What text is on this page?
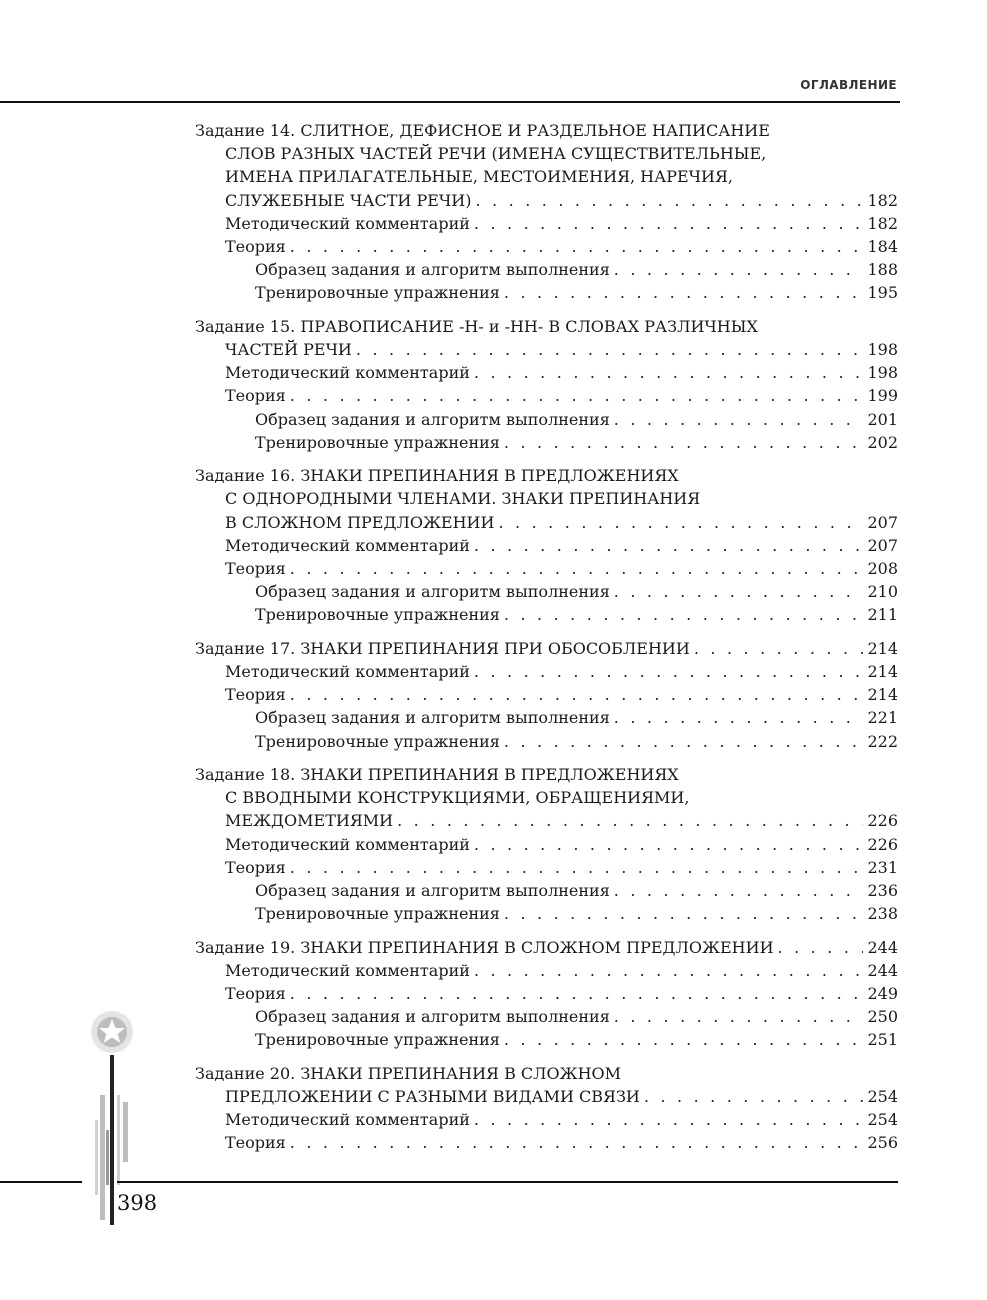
ОГЛАВЛЕНИЕ
Задание 14. СЛИТНОЕ, ДЕФИСНОЕ И РАЗДЕЛЬНОЕ НАПИСАНИЕ
СЛОВ РАЗНЫХ ЧАСТЕЙ РЕЧИ (ИМЕНА СУЩЕСТВИТЕЛЬНЫЕ,
ИМЕНА ПРИЛАГАТЕЛЬНЫЕ, МЕСТОИМЕНИЯ, НАРЕЧИЯ,
СЛУЖЕБНЫЕ ЧАСТИ РЕЧИ) . . .	182
Методический комментарий . . .	182
Теория . . .	184
Образец задания и алгоритм выполнения . . .	188
Тренировочные упражнения . . .	195
Задание 15. ПРАВОПИСАНИЕ -Н- и -НН- В СЛОВАХ РАЗЛИЧНЫХ
ЧАСТЕЙ РЕЧИ . . .	198
Методический комментарий . . .	198
Теория . . .	199
Образец задания и алгоритм выполнения . . .	201
Тренировочные упражнения . . .	202
Задание 16. ЗНАКИ ПРЕПИНАНИЯ В ПРЕДЛОЖЕНИЯХ
С ОДНОРОДНЫМИ ЧЛЕНАМИ. ЗНАКИ ПРЕПИНАНИЯ
В СЛОЖНОМ ПРЕДЛОЖЕНИИ . . .	207
Методический комментарий . . .	207
Теория . . .	208
Образец задания и алгоритм выполнения . . .	210
Тренировочные упражнения . . .	211
Задание 17. ЗНАКИ ПРЕПИНАНИЯ ПРИ ОБОСОБЛЕНИИ . . .	214
Методический комментарий . . .	214
Теория . . .	214
Образец задания и алгоритм выполнения . . .	221
Тренировочные упражнения . . .	222
Задание 18. ЗНАКИ ПРЕПИНАНИЯ В ПРЕДЛОЖЕНИЯХ
С ВВОДНЫМИ КОНСТРУКЦИЯМИ, ОБРАЩЕНИЯМИ,
МЕЖДОМЕТИЯМИ . . .	226
Методический комментарий . . .	226
Теория . . .	231
Образец задания и алгоритм выполнения . . .	236
Тренировочные упражнения . . .	238
Задание 19. ЗНАКИ ПРЕПИНАНИЯ В СЛОЖНОМ ПРЕДЛОЖЕНИИ . . .	244
Методический комментарий . . .	244
Теория . . .	249
Образец задания и алгоритм выполнения . . .	250
Тренировочные упражнения . . .	251
Задание 20. ЗНАКИ ПРЕПИНАНИЯ В СЛОЖНОМ
ПРЕДЛОЖЕНИИ С РАЗНЫМИ ВИДАМИ СВЯЗИ . . .	254
Методический комментарий . . .	254
Теория . . .	256
398
